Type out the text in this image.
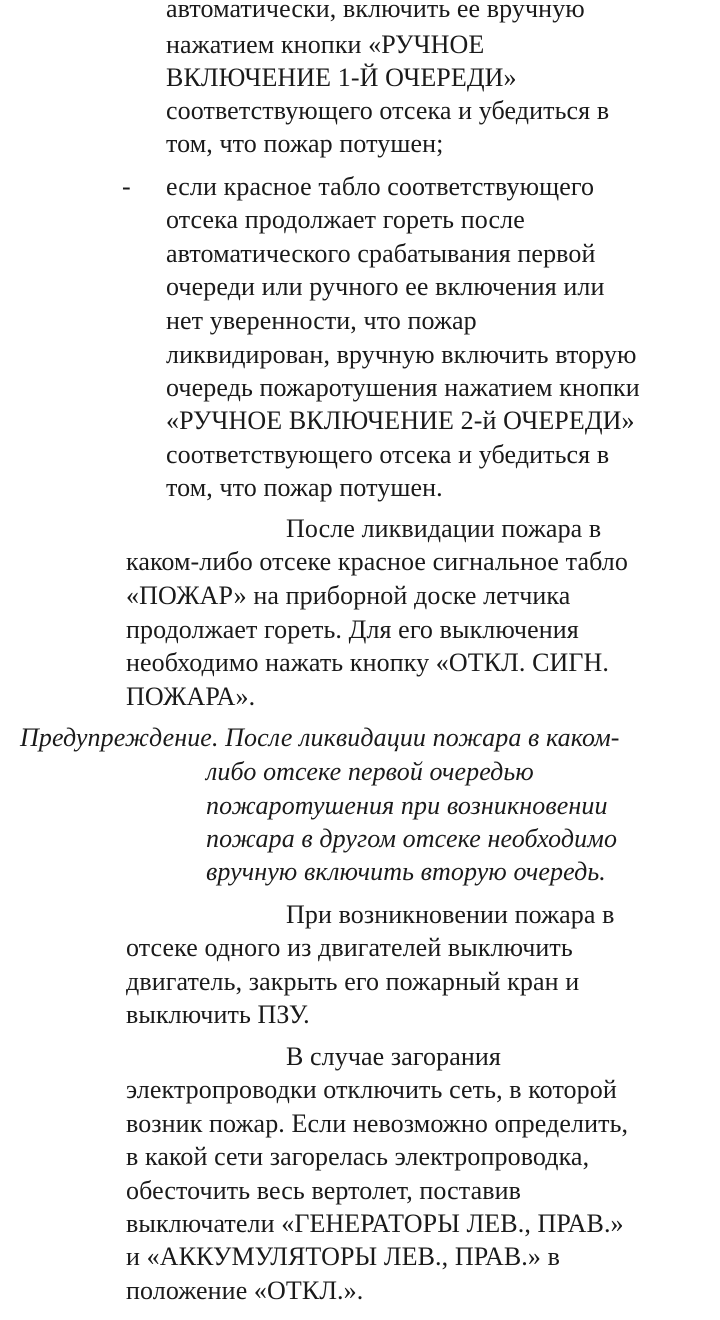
автоматически, включить ее вручную
нажатием кнопки «РУЧНОЕ
ВКЛЮЧЕНИЕ 1-Й ОЧЕРЕДИ»
соответствующего отсека и убедиться в
том, что пожар потушен;
- если красное табло соответствующего
отсека продолжает гореть после
автоматического срабатывания первой
очереди или ручного ее включения или
нет уверенности, что пожар
ликвидирован, вручную включить вторую
очередь пожаротушения нажатием кнопки
«РУЧНОЕ ВКЛЮЧЕНИЕ 2-й ОЧЕРЕДИ»
соответствующего отсека и убедиться в
том, что пожар потушен.
После ликвидации пожара в
каком-либо отсеке красное сигнальное табло
«ПОЖАР» на приборной доске летчика
продолжает гореть. Для его выключения
необходимо нажать кнопку «ОТКЛ. СИГН.
ПОЖАРА».
Предупреждение. После ликвидации пожара в каком-
либо отсеке первой очередью
пожаротушения при возникновении
пожара в другом отсеке необходимо
вручную включить вторую очередь.
При возникновении пожара в
отсеке одного из двигателей выключить
двигатель, закрыть его пожарный кран и
выключить ПЗУ.
В случае загорания
электропроводки отключить сеть, в которой
возник пожар. Если невозможно определить,
в какой сети загорелась электропроводка,
обесточить весь вертолет, поставив
выключатели «ГЕНЕРАТОРЫ ЛЕВ., ПРАВ.»
и «АККУМУЛЯТОРЫ ЛЕВ., ПРАВ.» в
положение «ОТКЛ.».
